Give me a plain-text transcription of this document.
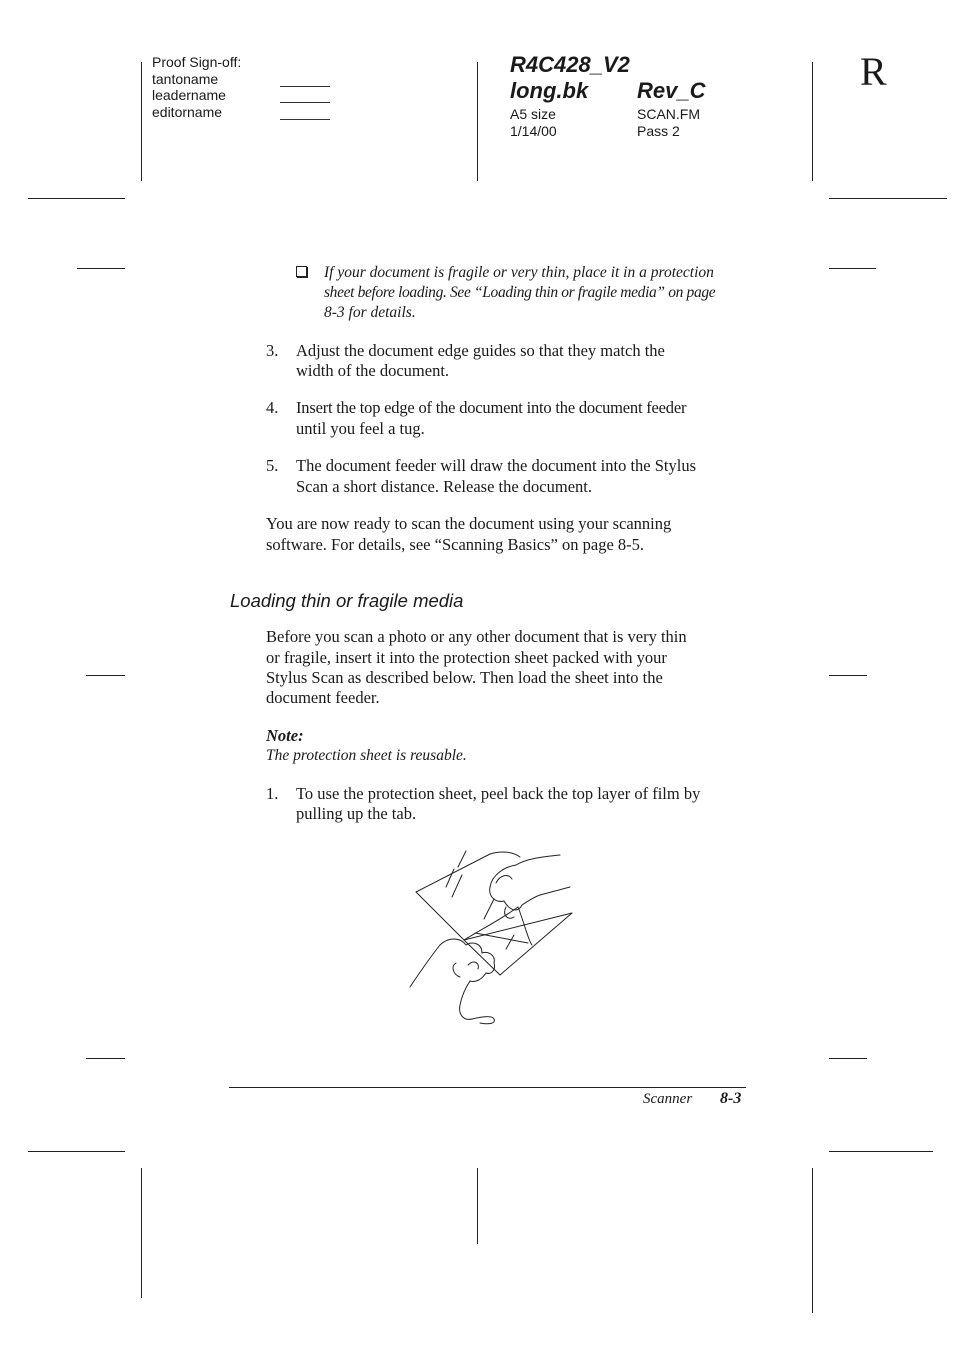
Proof Sign-off:
tantoname
leadername
editorname
R4C428_V2
long.bk Rev_C
A5 size
1/14/00
SCAN.FM
Pass 2
R
If your document is fragile or very thin, place it in a protection
sheet before loading. See “Loading thin or fragile media” on page
8-3 for details.
3. Adjust the document edge guides so that they match the
width of the document.
4. Insert the top edge of the document into the document feeder
until you feel a tug.
5. The document feeder will draw the document into the Stylus
Scan a short distance. Release the document.
You are now ready to scan the document using your scanning
software. For details, see “Scanning Basics” on page 8-5.
Loading thin or fragile media
Before you scan a photo or any other document that is very thin
or fragile, insert it into the protection sheet packed with your
Stylus Scan as described below. Then load the sheet into the
document feeder.
Note:
The protection sheet is reusable.
1. To use the protection sheet, peel back the top layer of film by
pulling up the tab.
Scanner 8-3
